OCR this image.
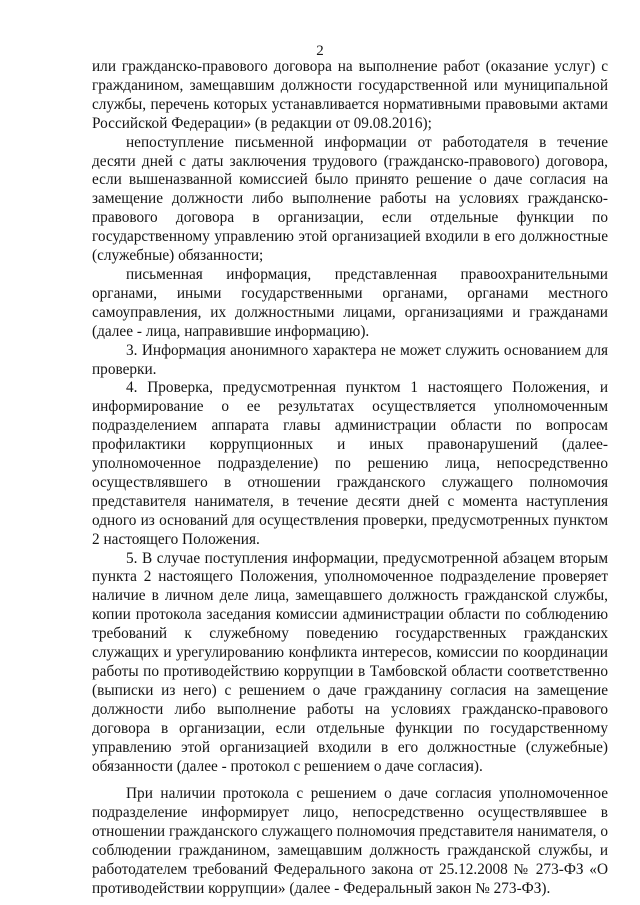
2

или гражданско-правового договора на выполнение работ (оказание услуг) с гражданином, замещавшим должности государственной или муниципальной службы, перечень которых устанавливается нормативными правовыми актами Российской Федерации» (в редакции от 09.08.2016);

непоступление письменной информации от работодателя в течение десяти дней с даты заключения трудового (гражданско-правового) договора, если вышеназванной комиссией было принято решение о даче согласия на замещение должности либо выполнение работы на условиях гражданско-правового договора в организации, если отдельные функции по государственному управлению этой организацией входили в его должностные (служебные) обязанности;

письменная информация, представленная правоохранительными органами, иными государственными органами, органами местного самоуправления, их должностными лицами, организациями и гражданами (далее - лица, направившие информацию).

3. Информация анонимного характера не может служить основанием для проверки.

4. Проверка, предусмотренная пунктом 1 настоящего Положения, и информирование о ее результатах осуществляется уполномоченным подразделением аппарата главы администрации области по вопросам профилактики коррупционных и иных правонарушений (далее-уполномоченное подразделение) по решению лица, непосредственно осуществлявшего в отношении гражданского служащего полномочия представителя нанимателя, в течение десяти дней с момента наступления одного из оснований для осуществления проверки, предусмотренных пунктом 2 настоящего Положения.

5. В случае поступления информации, предусмотренной абзацем вторым пункта 2 настоящего Положения, уполномоченное подразделение проверяет наличие в личном деле лица, замещавшего должность гражданской службы, копии протокола заседания комиссии администрации области по соблюдению требований к служебному поведению государственных гражданских служащих и урегулированию конфликта интересов, комиссии по координации работы по противодействию коррупции в Тамбовской области соответственно (выписки из него) с решением о даче гражданину согласия на замещение должности либо выполнение работы на условиях гражданско-правового договора в организации, если отдельные функции по государственному управлению этой организацией входили в его должностные (служебные) обязанности (далее - протокол с решением о даче согласия).

При наличии протокола с решением о даче согласия уполномоченное подразделение информирует лицо, непосредственно осуществлявшее в отношении гражданского служащего полномочия представителя нанимателя, о соблюдении гражданином, замещавшим должность гражданской службы, и работодателем требований Федерального закона от 25.12.2008 № 273-ФЗ «О противодействии коррупции» (далее - Федеральный закон № 273-ФЗ).
